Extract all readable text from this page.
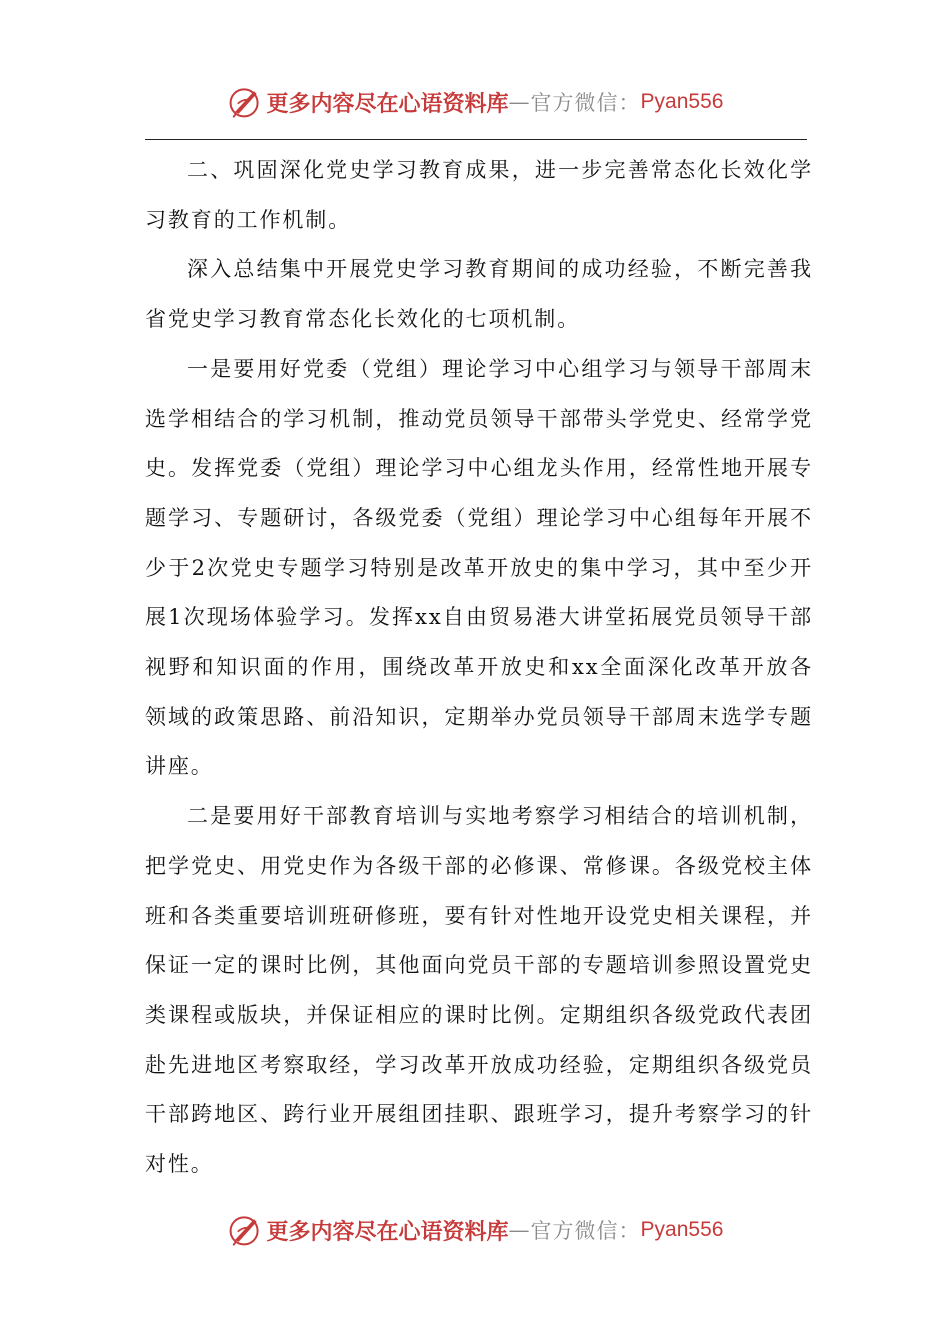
更多内容尽在心语资料库 — 官方微信： Pyan556

二、巩固深化党史学习教育成果，进一步完善常态化长效化学习教育的工作机制。

深入总结集中开展党史学习教育期间的成功经验，不断完善我省党史学习教育常态化长效化的七项机制。

一是要用好党委（党组）理论学习中心组学习与领导干部周末选学相结合的学习机制，推动党员领导干部带头学党史、经常学党史。发挥党委（党组）理论学习中心组龙头作用，经常性地开展专题学习、专题研讨，各级党委（党组）理论学习中心组每年开展不少于2次党史专题学习特别是改革开放史的集中学习，其中至少开展1次现场体验学习。发挥xx自由贸易港大讲堂拓展党员领导干部视野和知识面的作用，围绕改革开放史和xx全面深化改革开放各领域的政策思路、前沿知识，定期举办党员领导干部周末选学专题讲座。

二是要用好干部教育培训与实地考察学习相结合的培训机制，把学党史、用党史作为各级干部的必修课、常修课。各级党校主体班和各类重要培训班研修班，要有针对性地开设党史相关课程，并保证一定的课时比例，其他面向党员干部的专题培训参照设置党史类课程或版块，并保证相应的课时比例。定期组织各级党政代表团赴先进地区考察取经，学习改革开放成功经验，定期组织各级党员干部跨地区、跨行业开展组团挂职、跟班学习，提升考察学习的针对性。

更多内容尽在心语资料库 — 官方微信： Pyan556
